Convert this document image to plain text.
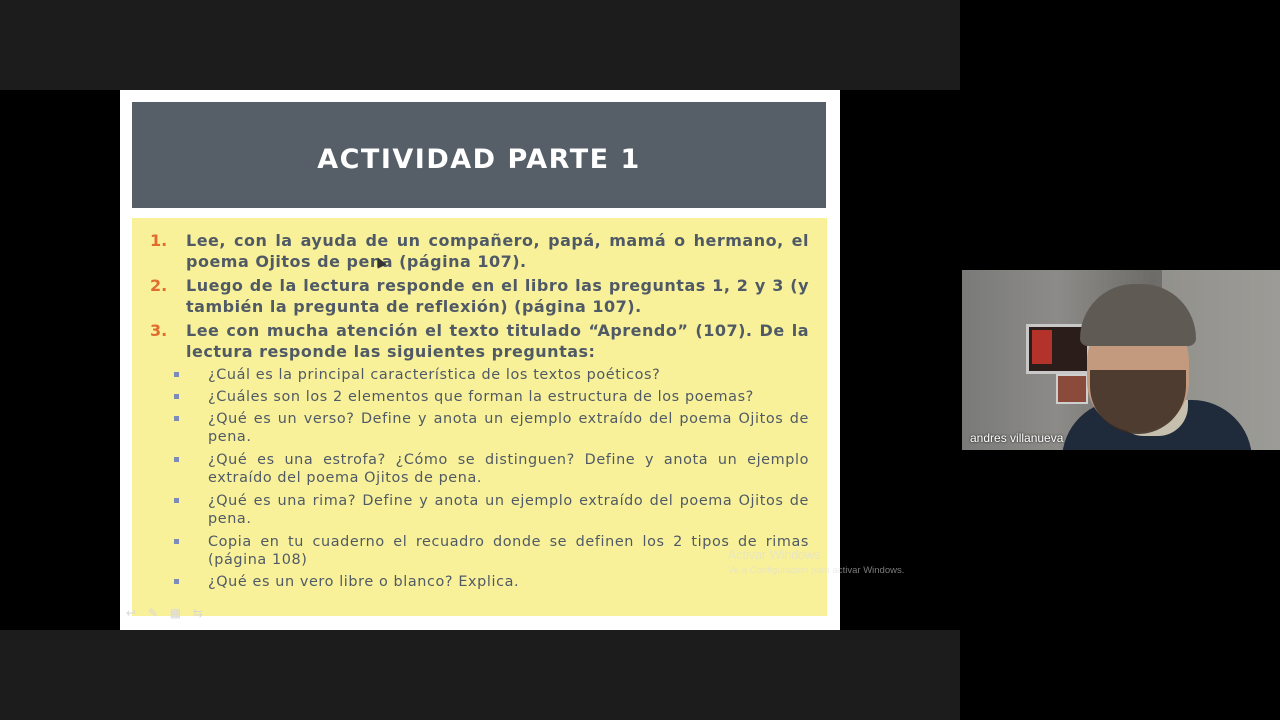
ACTIVIDAD PARTE 1
1. Lee, con la ayuda de un compañero, papá, mamá o hermano, el poema Ojitos de pena (página 107).
2. Luego de la lectura responde en el libro las preguntas 1, 2 y 3 (y también la pregunta de reflexión) (página 107).
3. Lee con mucha atención el texto titulado “Aprendo” (107). De la lectura responde las siguientes preguntas:
¿Cuál es la principal característica de los textos poéticos?
¿Cuáles son los 2 elementos que forman la estructura de los poemas?
¿Qué es un verso? Define y anota un ejemplo extraído del poema Ojitos de pena.
¿Qué es una estrofa? ¿Cómo se distinguen? Define y anota un ejemplo extraído del poema Ojitos de pena.
¿Qué es una rima? Define y anota un ejemplo extraído del poema Ojitos de pena.
Copia en tu cuaderno el recuadro donde se definen los 2 tipos de rimas (página 108)
¿Qué es un vero libre o blanco? Explica.
↩ ✎ ▦ ⇆
andres villanueva
Activar Windows
Ve a Configuración para activar Windows.
